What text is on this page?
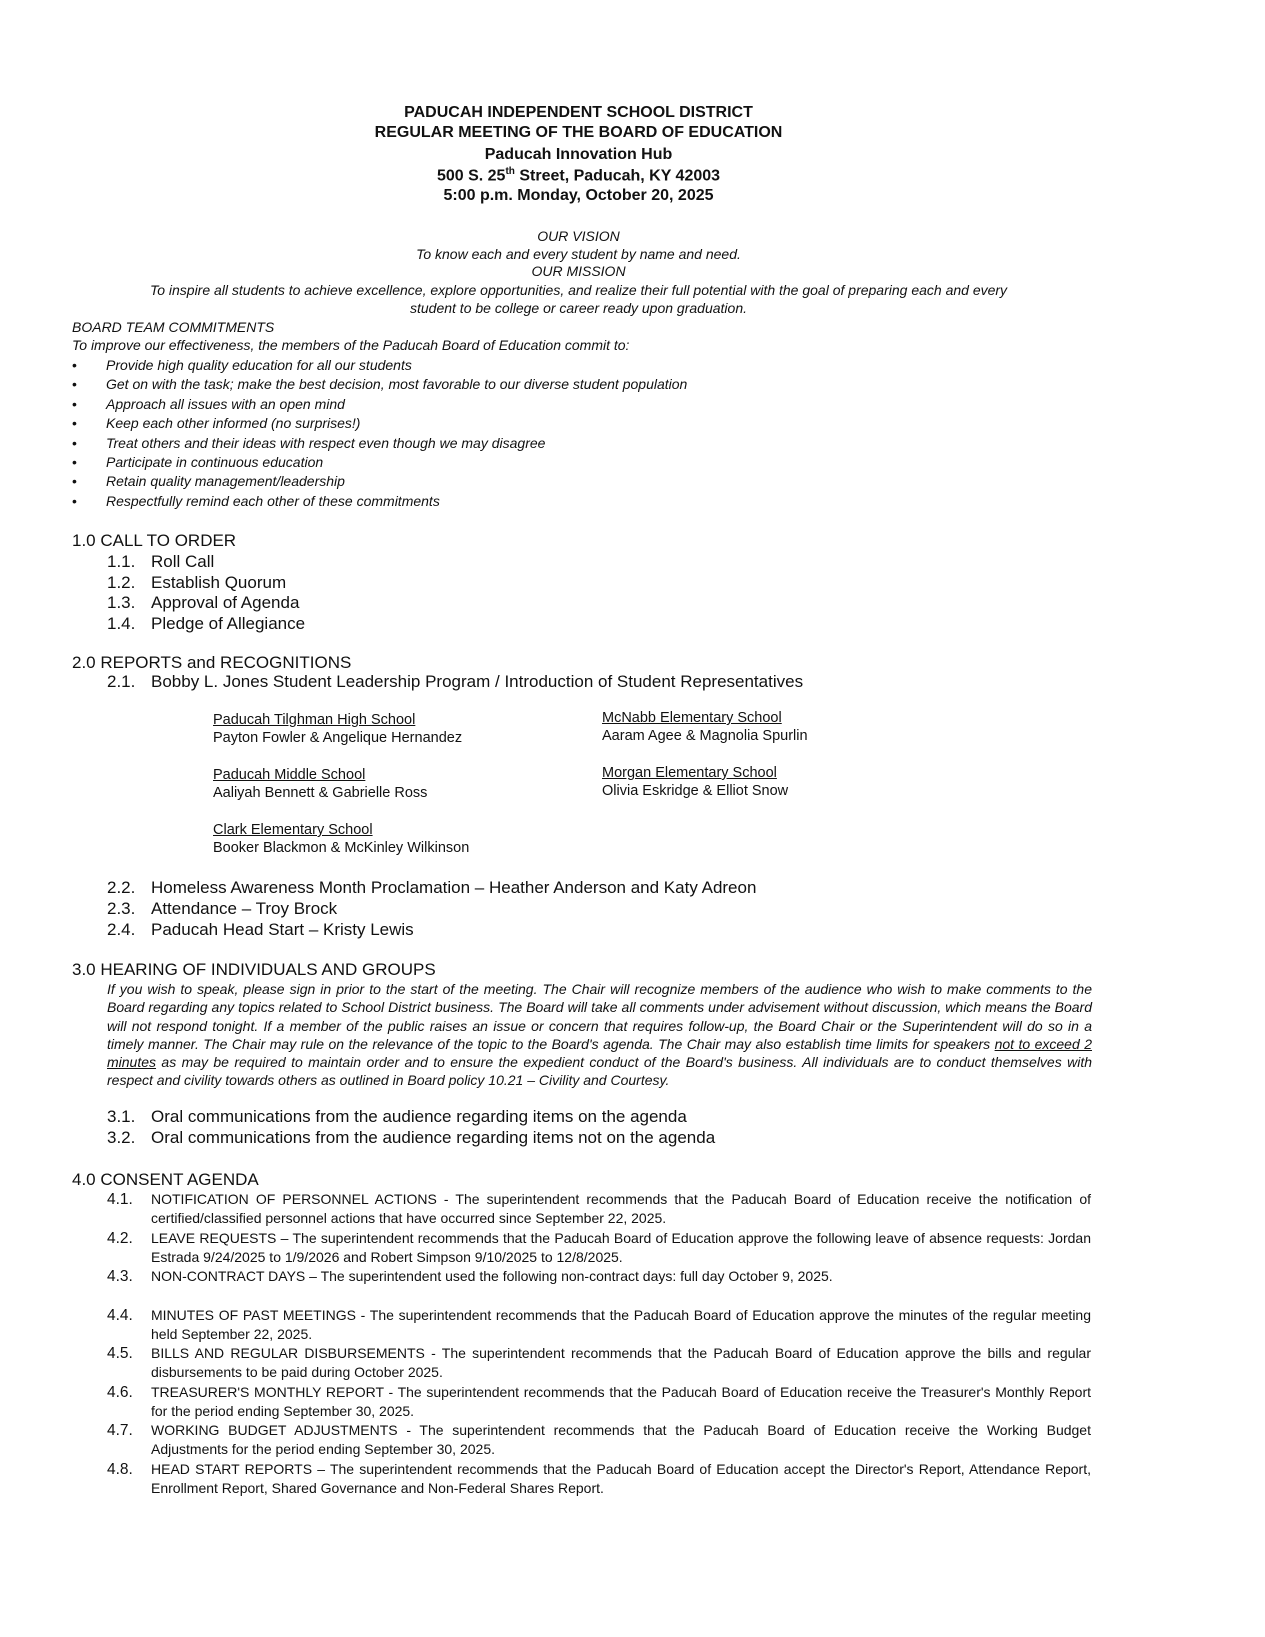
PADUCAH INDEPENDENT SCHOOL DISTRICT
REGULAR MEETING OF THE BOARD OF EDUCATION
Paducah Innovation Hub
500 S. 25th Street, Paducah, KY 42003
5:00 p.m. Monday, October 20, 2025
OUR VISION
To know each and every student by name and need.
OUR MISSION
To inspire all students to achieve excellence, explore opportunities, and realize their full potential with the goal of preparing each and every
student to be college or career ready upon graduation.
BOARD TEAM COMMITMENTS
To improve our effectiveness, the members of the Paducah Board of Education commit to:
1.0 CALL TO ORDER
2.0 REPORTS and RECOGNITIONS
2.1. Bobby L. Jones Student Leadership Program / Introduction of Student Representatives
3.0 HEARING OF INDIVIDUALS AND GROUPS
If you wish to speak, please sign in prior to the start of the meeting. The Chair will recognize members of the audience who wish to make comments to the Board regarding any topics related to School District business. The Board will take all comments under advisement without discussion, which means the Board will not respond tonight. If a member of the public raises an issue or concern that requires follow-up, the Board Chair or the Superintendent will do so in a timely manner. The Chair may rule on the relevance of the topic to the Board's agenda. The Chair may also establish time limits for speakers not to exceed 2 minutes as may be required to maintain order and to ensure the expedient conduct of the Board's business. All individuals are to conduct themselves with respect and civility towards others as outlined in Board policy 10.21 – Civility and Courtesy.
4.0 CONSENT AGENDA
• Provide high quality education for all our students
• Get on with the task; make the best decision, most favorable to our diverse student population
• Approach all issues with an open mind
• Keep each other informed (no surprises!)
• Treat others and their ideas with respect even though we may disagree
• Participate in continuous education
• Retain quality management/leadership
• Respectfully remind each other of these commitments
1.1. Roll Call
1.2. Establish Quorum
1.3. Approval of Agenda
1.4. Pledge of Allegiance
Paducah Tilghman High School
Payton Fowler & Angelique Hernandez
McNabb Elementary School
Aaram Agee & Magnolia Spurlin
Paducah Middle School
Aaliyah Bennett & Gabrielle Ross
Morgan Elementary School
Olivia Eskridge & Elliot Snow
Clark Elementary School
Booker Blackmon & McKinley Wilkinson
2.2. Homeless Awareness Month Proclamation – Heather Anderson and Katy Adreon
2.3. Attendance – Troy Brock
2.4. Paducah Head Start – Kristy Lewis
3.1. Oral communications from the audience regarding items on the agenda
3.2. Oral communications from the audience regarding items not on the agenda
4.1. NOTIFICATION OF PERSONNEL ACTIONS - The superintendent recommends that the Paducah Board of Education receive the notification of certified/classified personnel actions that have occurred since September 22, 2025.
4.2. LEAVE REQUESTS – The superintendent recommends that the Paducah Board of Education approve the following leave of absence requests: Jordan Estrada 9/24/2025 to 1/9/2026 and Robert Simpson 9/10/2025 to 12/8/2025.
4.3. NON-CONTRACT DAYS – The superintendent used the following non-contract days: full day October 9, 2025.
4.4. MINUTES OF PAST MEETINGS - The superintendent recommends that the Paducah Board of Education approve the minutes of the regular meeting held September 22, 2025.
4.5. BILLS AND REGULAR DISBURSEMENTS - The superintendent recommends that the Paducah Board of Education approve the bills and regular disbursements to be paid during October 2025.
4.6. TREASURER'S MONTHLY REPORT - The superintendent recommends that the Paducah Board of Education receive the Treasurer's Monthly Report for the period ending September 30, 2025.
4.7. WORKING BUDGET ADJUSTMENTS - The superintendent recommends that the Paducah Board of Education receive the Working Budget Adjustments for the period ending September 30, 2025.
4.8. HEAD START REPORTS – The superintendent recommends that the Paducah Board of Education accept the Director's Report, Attendance Report, Enrollment Report, Shared Governance and Non-Federal Shares Report.
